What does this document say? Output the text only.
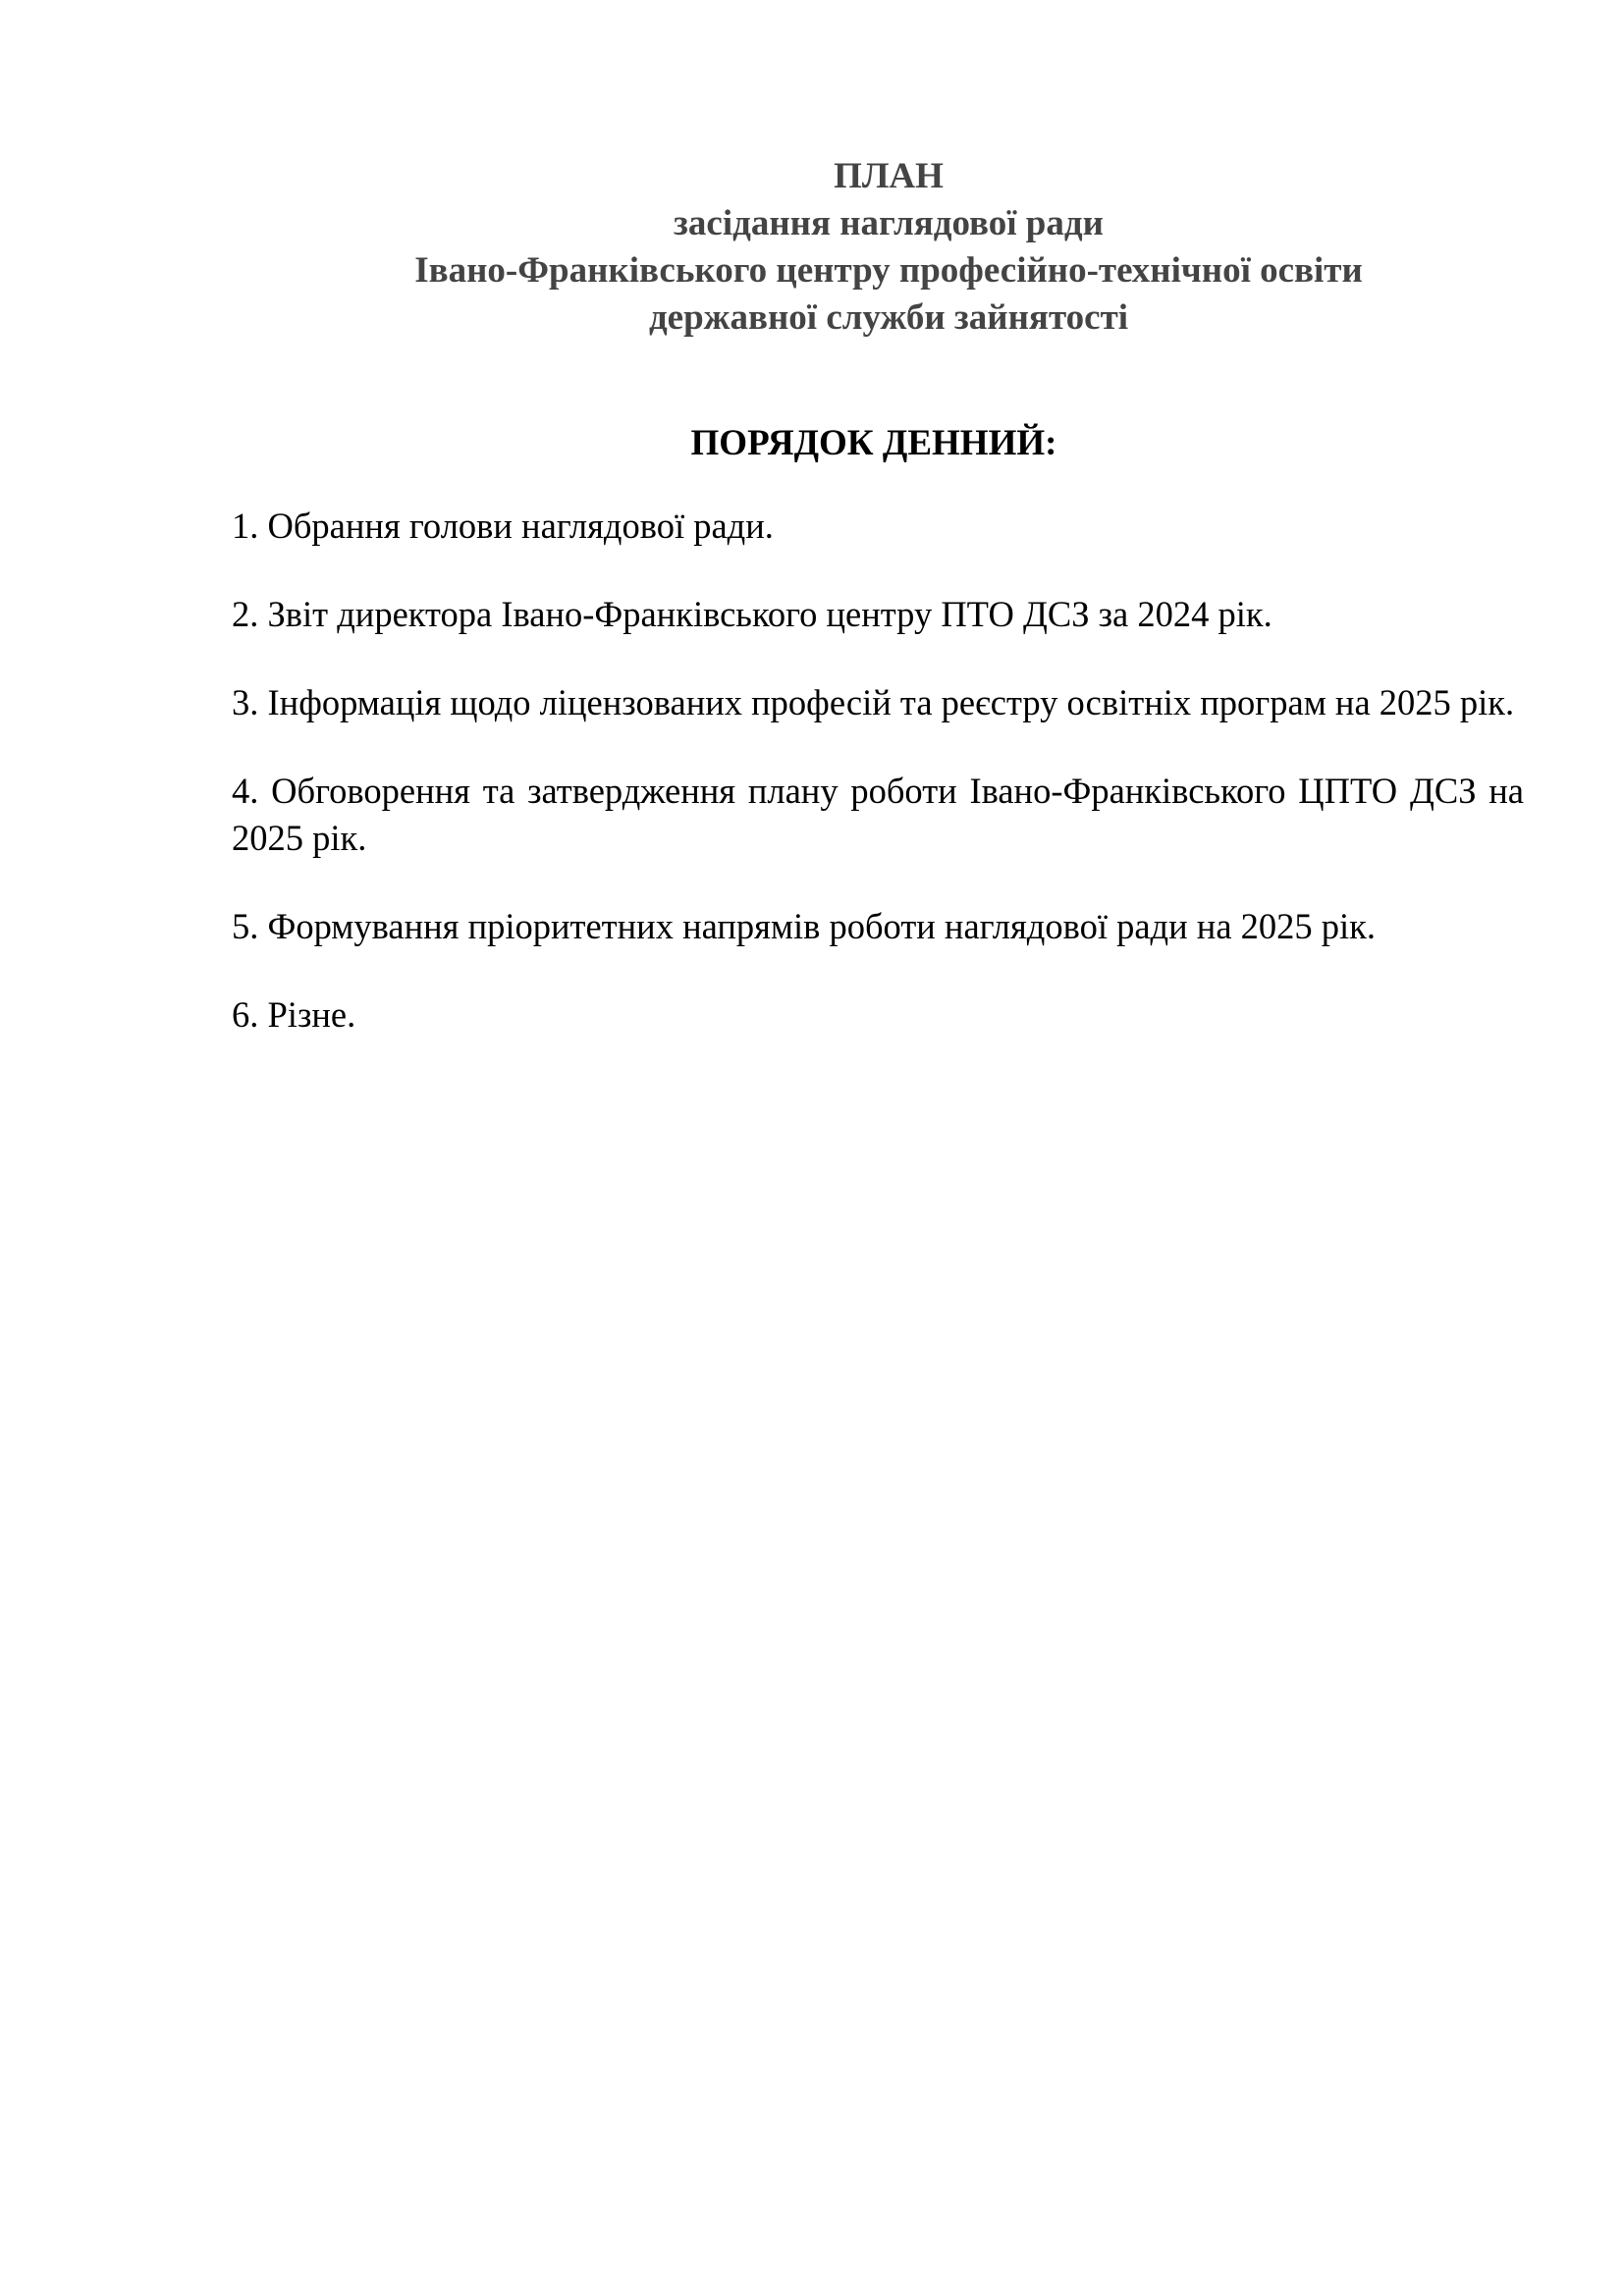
ПЛАН
засідання наглядової ради
Івано-Франківського центру професійно-технічної освіти
державної служби зайнятості
ПОРЯДОК ДЕННИЙ:
1. Обрання голови наглядової ради.
2. Звіт директора Івано-Франківського центру ПТО ДСЗ за 2024 рік.
3. Інформація щодо ліцензованих професій та реєстру освітніх програм на 2025 рік.
4. Обговорення та затвердження плану роботи Івано-Франківського ЦПТО ДСЗ на 2025 рік.
5. Формування пріоритетних напрямів роботи наглядової ради на 2025 рік.
6. Різне.
